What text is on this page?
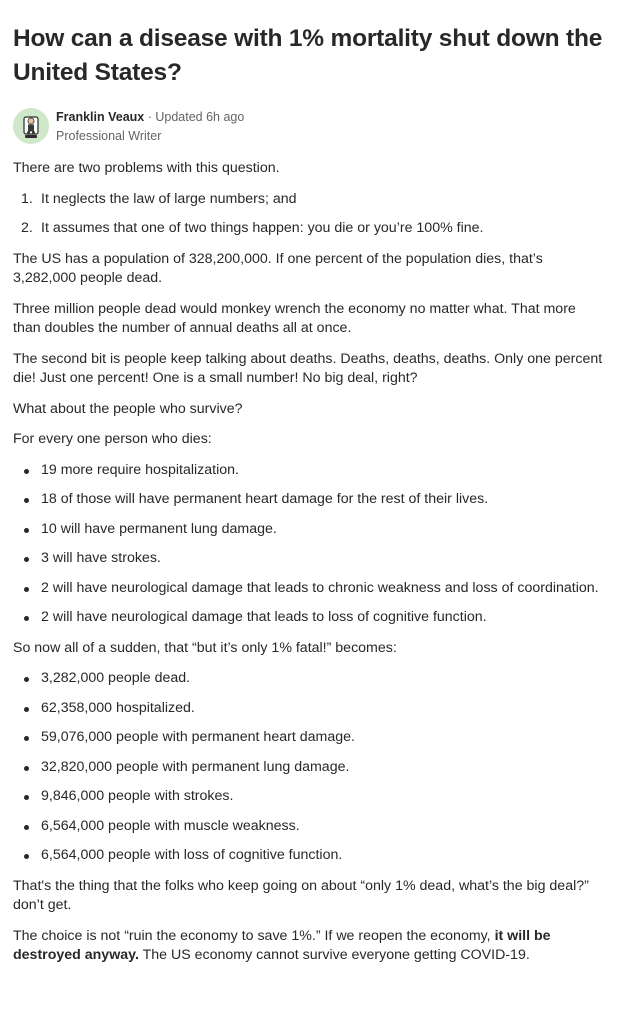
How can a disease with 1% mortality shut down the United States?
Franklin Veaux · Updated 6h ago
Professional Writer

There are two problems with this question.

1. It neglects the law of large numbers; and
2. It assumes that one of two things happen: you die or you’re 100% fine.

The US has a population of 328,200,000. If one percent of the population dies, that’s 3,282,000 people dead.

Three million people dead would monkey wrench the economy no matter what. That more than doubles the number of annual deaths all at once.

The second bit is people keep talking about deaths. Deaths, deaths, deaths. Only one percent die! Just one percent! One is a small number! No big deal, right?

What about the people who survive?

For every one person who dies:

19 more require hospitalization.
18 of those will have permanent heart damage for the rest of their lives.
10 will have permanent lung damage.
3 will have strokes.
2 will have neurological damage that leads to chronic weakness and loss of coordination.
2 will have neurological damage that leads to loss of cognitive function.

So now all of a sudden, that “but it’s only 1% fatal!” becomes:

3,282,000 people dead.
62,358,000 hospitalized.
59,076,000 people with permanent heart damage.
32,820,000 people with permanent lung damage.
9,846,000 people with strokes.
6,564,000 people with muscle weakness.
6,564,000 people with loss of cognitive function.

That's the thing that the folks who keep going on about “only 1% dead, what’s the big deal?” don’t get.

The choice is not “ruin the economy to save 1%.” If we reopen the economy, it will be destroyed anyway. The US economy cannot survive everyone getting COVID-19.
